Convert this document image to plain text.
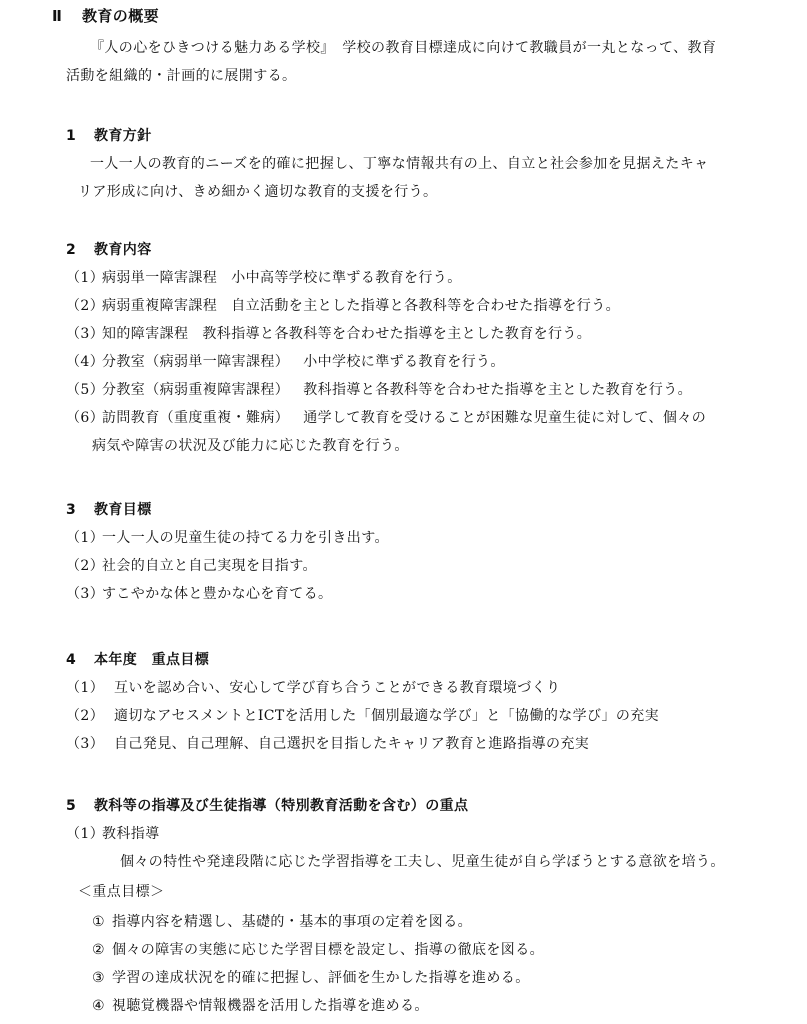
Ⅱ 教育の概要
『人の心をひきつける魅力ある学校』　学校の教育目標達成に向けて教職員が一丸となって、教育
活動を組織的・計画的に展開する。
1 教育方針
一人一人の教育的ニーズを的確に把握し、丁寧な情報共有の上、自立と社会参加を見据えたキャ
リア形成に向け、きめ細かく適切な教育的支援を行う。
2 教育内容
（1）病弱単一障害課程 小中高等学校に準ずる教育を行う。
（2）病弱重複障害課程 自立活動を主とした指導と各教科等を合わせた指導を行う。
（3）知的障害課程 教科指導と各教科等を合わせた指導を主とした教育を行う。
（4）分教室（病弱単一障害課程） 小中学校に準ずる教育を行う。
（5）分教室（病弱重複障害課程） 教科指導と各教科等を合わせた指導を主とした教育を行う。
（6）訪問教育（重度重複・難病） 通学して教育を受けることが困難な児童生徒に対して、個々の
病気や障害の状況及び能力に応じた教育を行う。
3 教育目標
（1）一人一人の児童生徒の持てる力を引き出す。
（2）社会的自立と自己実現を目指す。
（3）すこやかな体と豊かな心を育てる。
4 本年度　重点目標
（1） 互いを認め合い、安心して学び育ち合うことができる教育環境づくり
（2） 適切なアセスメントとICTを活用した「個別最適な学び」と「協働的な学び」の充実
（3） 自己発見、自己理解、自己選択を目指したキャリア教育と進路指導の充実
5 教科等の指導及び生徒指導（特別教育活動を含む）の重点
（1）教科指導
個々の特性や発達段階に応じた学習指導を工夫し、児童生徒が自ら学ぼうとする意欲を培う。
＜重点目標＞
① 指導内容を精選し、基礎的・基本的事項の定着を図る。
② 個々の障害の実態に応じた学習目標を設定し、指導の徹底を図る。
③ 学習の達成状況を的確に把握し、評価を生かした指導を進める。
④ 視聴覚機器や情報機器を活用した指導を進める。
